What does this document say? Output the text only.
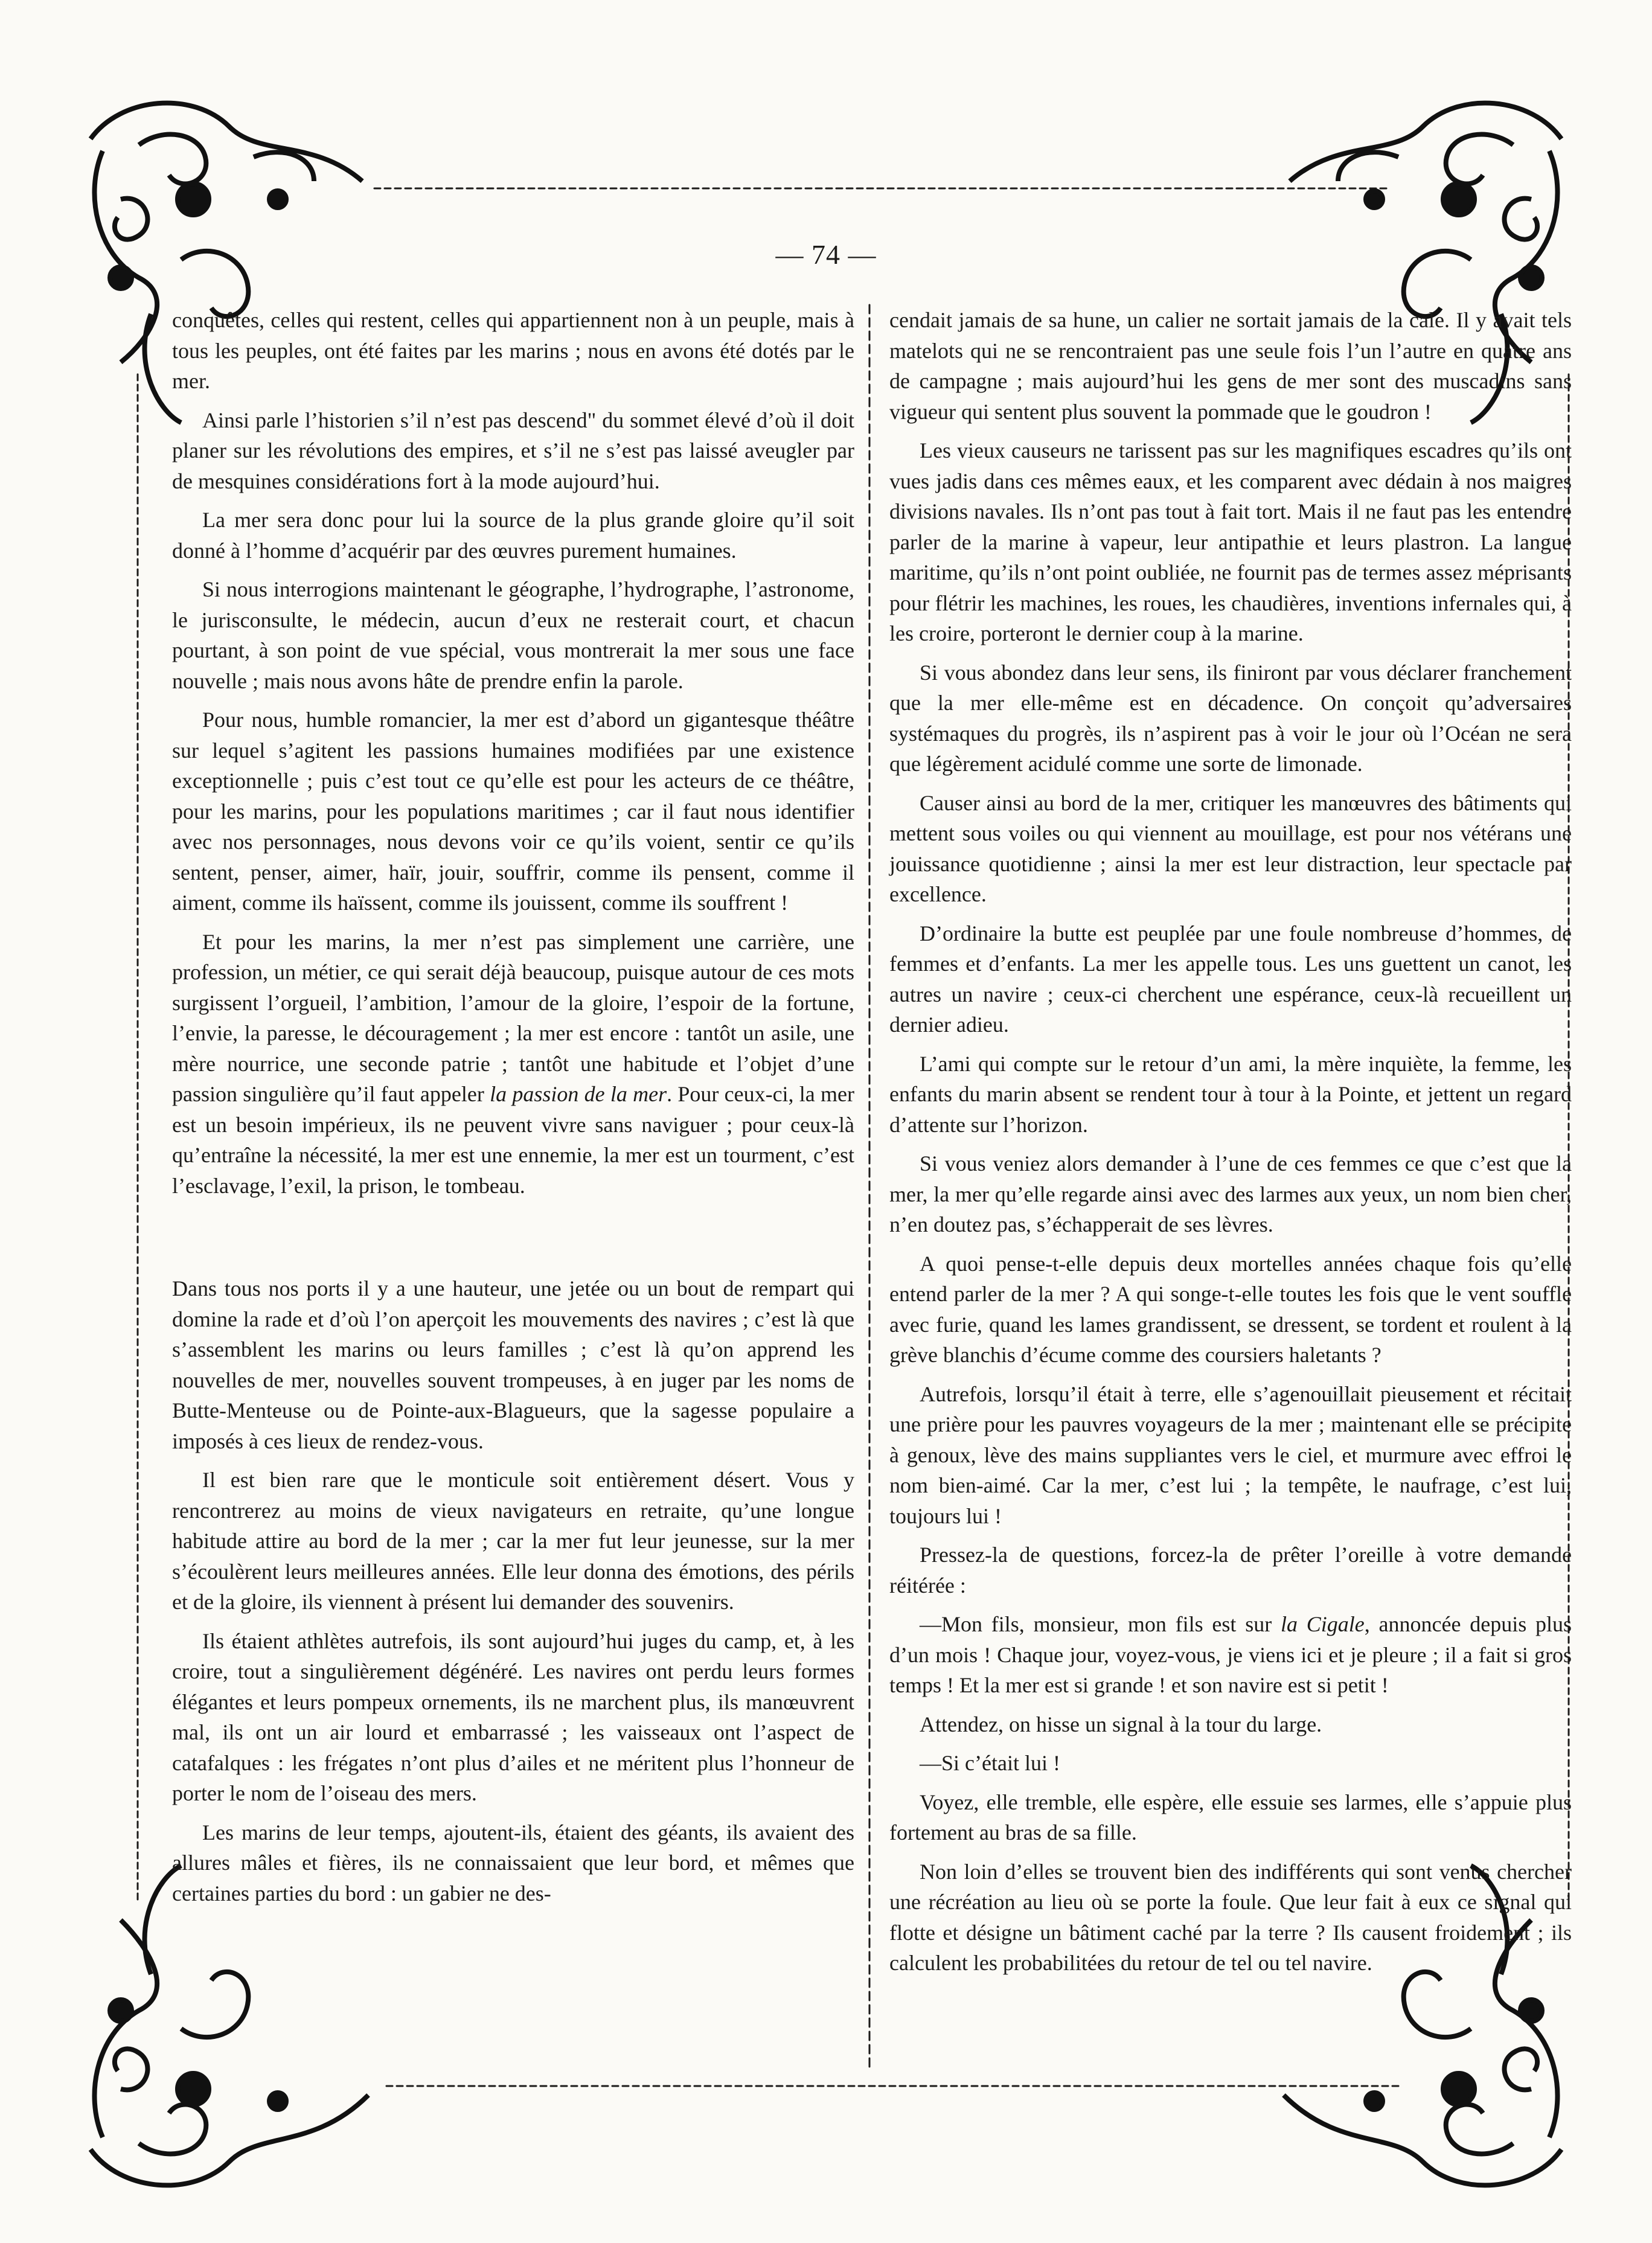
— 74 —

conquêtes, celles qui restent, celles qui appartiennent non à un peuple, mais à tous les peuples, ont été faites par les marins ; nous en avons été dotés par le mer.

Ainsi parle l’historien s’il n’est pas descend" du sommet élevé d’où il doit planer sur les révolutions des empires, et s’il ne s’est pas laissé aveugler par de mesquines considérations fort à la mode aujourd’hui.

La mer sera donc pour lui la source de la plus grande gloire qu’il soit donné à l’homme d’acquérir par des œuvres purement humaines.

Si nous interrogions maintenant le géographe, l’hydrographe, l’astronome, le jurisconsulte, le médecin, aucun d’eux ne resterait court, et chacun pourtant, à son point de vue spécial, vous montrerait la mer sous une face nouvelle ; mais nous avons hâte de prendre enfin la parole.

Pour nous, humble romancier, la mer est d’abord un gigantesque théâtre sur lequel s’agitent les passions humaines modifiées par une existence exceptionnelle ; puis c’est tout ce qu’elle est pour les acteurs de ce théâtre, pour les marins, pour les populations maritimes ; car il faut nous identifier avec nos personnages, nous devons voir ce qu’ils voient, sentir ce qu’ils sentent, penser, aimer, haïr, jouir, souffrir, comme ils pensent, comme il aiment, comme ils haïssent, comme ils jouissent, comme ils souffrent !

Et pour les marins, la mer n’est pas simplement une carrière, une profession, un métier, ce qui serait déjà beaucoup, puisque autour de ces mots surgissent l’orgueil, l’ambition, l’amour de la gloire, l’espoir de la fortune, l’envie, la paresse, le découragement ; la mer est encore : tantôt un asile, une mère nourrice, une seconde patrie ; tantôt une habitude et l’objet d’une passion singulière qu’il faut appeler la passion de la mer. Pour ceux-ci, la mer est un besoin impérieux, ils ne peuvent vivre sans naviguer ; pour ceux-là qu’entraîne la nécessité, la mer est une ennemie, la mer est un tourment, c’est l’esclavage, l’exil, la prison, le tombeau.

Dans tous nos ports il y a une hauteur, une jetée ou un bout de rempart qui domine la rade et d’où l’on aperçoit les mouvements des navires ; c’est là que s’assemblent les marins ou leurs familles ; c’est là qu’on apprend les nouvelles de mer, nouvelles souvent trompeuses, à en juger par les noms de Butte-Menteuse ou de Pointe-aux-Blagueurs, que la sagesse populaire a imposés à ces lieux de rendez-vous.

Il est bien rare que le monticule soit entièrement désert. Vous y rencontrerez au moins de vieux navigateurs en retraite, qu’une longue habitude attire au bord de la mer ; car la mer fut leur jeunesse, sur la mer s’écoulèrent leurs meilleures années. Elle leur donna des émotions, des périls et de la gloire, ils viennent à présent lui demander des souvenirs.

Ils étaient athlètes autrefois, ils sont aujourd’hui juges du camp, et, à les croire, tout a singulièrement dégénéré. Les navires ont perdu leurs formes élégantes et leurs pompeux ornements, ils ne marchent plus, ils manœuvrent mal, ils ont un air lourd et embarrassé ; les vaisseaux ont l’aspect de catafalques : les frégates n’ont plus d’ailes et ne méritent plus l’honneur de porter le nom de l’oiseau des mers.

Les marins de leur temps, ajoutent-ils, étaient des géants, ils avaient des allures mâles et fières, ils ne connaissaient que leur bord, et mêmes que certaines parties du bord : un gabier ne des-

cendait jamais de sa hune, un calier ne sortait jamais de la cale. Il y avait tels matelots qui ne se rencontraient pas une seule fois l’un l’autre en quatre ans de campagne ; mais aujourd’hui les gens de mer sont des muscadins sans vigueur qui sentent plus souvent la pommade que le goudron !

Les vieux causeurs ne tarissent pas sur les magnifiques escadres qu’ils ont vues jadis dans ces mêmes eaux, et les comparent avec dédain à nos maigres divisions navales. Ils n’ont pas tout à fait tort. Mais il ne faut pas les entendre parler de la marine à vapeur, leur antipathie et leurs plastron. La langue maritime, qu’ils n’ont point oubliée, ne fournit pas de termes assez méprisants pour flétrir les machines, les roues, les chaudières, inventions infernales qui, à les croire, porteront le dernier coup à la marine.

Si vous abondez dans leur sens, ils finiront par vous déclarer franchement que la mer elle-même est en décadence. On conçoit qu’adversaires systémaques du progrès, ils n’aspirent pas à voir le jour où l’Océan ne sera que légèrement acidulé comme une sorte de limonade.

Causer ainsi au bord de la mer, critiquer les manœuvres des bâtiments qui mettent sous voiles ou qui viennent au mouillage, est pour nos vétérans une jouissance quotidienne ; ainsi la mer est leur distraction, leur spectacle par excellence.

D’ordinaire la butte est peuplée par une foule nombreuse d’hommes, de femmes et d’enfants. La mer les appelle tous. Les uns guettent un canot, les autres un navire ; ceux-ci cherchent une espérance, ceux-là recueillent un dernier adieu.

L’ami qui compte sur le retour d’un ami, la mère inquiète, la femme, les enfants du marin absent se rendent tour à tour à la Pointe, et jettent un regard d’attente sur l’horizon.

Si vous veniez alors demander à l’une de ces femmes ce que c’est que la mer, la mer qu’elle regarde ainsi avec des larmes aux yeux, un nom bien cher, n’en doutez pas, s’échapperait de ses lèvres.

A quoi pense-t-elle depuis deux mortelles années chaque fois qu’elle entend parler de la mer ? A qui songe-t-elle toutes les fois que le vent souffle avec furie, quand les lames grandissent, se dressent, se tordent et roulent à la grève blanchis d’écume comme des coursiers haletants ?

Autrefois, lorsqu’il était à terre, elle s’agenouillait pieusement et récitait une prière pour les pauvres voyageurs de la mer ; maintenant elle se précipite à genoux, lève des mains suppliantes vers le ciel, et murmure avec effroi le nom bien-aimé. Car la mer, c’est lui ; la tempête, le naufrage, c’est lui, toujours lui !

Pressez-la de questions, forcez-la de prêter l’oreille à votre demande réitérée :

—Mon fils, monsieur, mon fils est sur la Cigale, annoncée depuis plus d’un mois ! Chaque jour, voyez-vous, je viens ici et je pleure ; il a fait si gros temps ! Et la mer est si grande ! et son navire est si petit !

Attendez, on hisse un signal à la tour du large.

—Si c’était lui !

Voyez, elle tremble, elle espère, elle essuie ses larmes, elle s’appuie plus fortement au bras de sa fille.

Non loin d’elles se trouvent bien des indifférents qui sont venus chercher une récréation au lieu où se porte la foule. Que leur fait à eux ce signal qui flotte et désigne un bâtiment caché par la terre ? Ils causent froidement ; ils calculent les probabilitées du retour de tel ou tel navire.
